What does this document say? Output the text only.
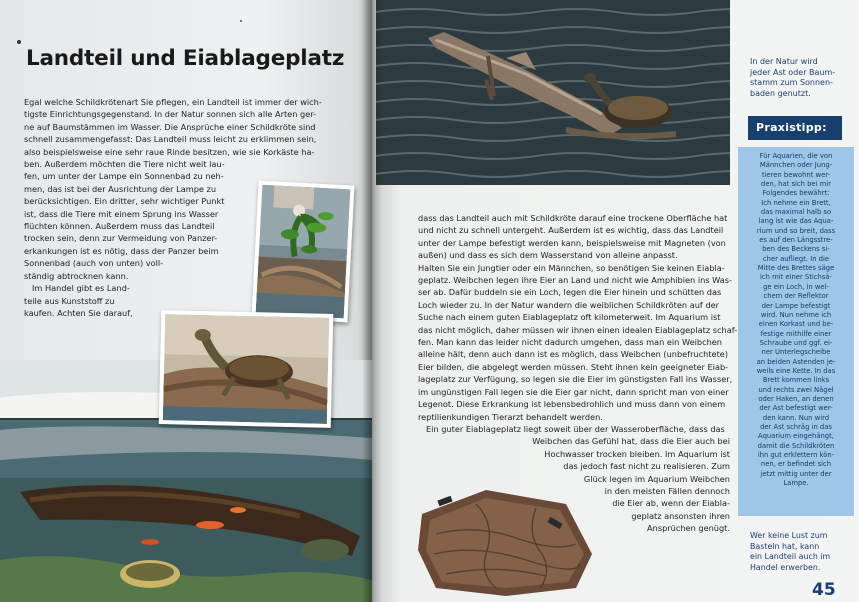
Landteil und Eiablageplatz
Egal welche Schildkrötenart Sie pflegen, ein Landteil ist immer der wich-
tigste Einrichtungsgegenstand. In der Natur sonnen sich alle Arten ger-
ne auf Baumstämmen im Wasser. Die Ansprüche einer Schildkröte sind
schnell zusammengefasst: Das Landteil muss leicht zu erklimmen sein,
also beispielsweise eine sehr raue Rinde besitzen, wie sie Korkäste ha-
ben. Außerdem möchten die Tiere nicht weit lau-
fen, um unter der Lampe ein Sonnenbad zu neh-
men, das ist bei der Ausrichtung der Lampe zu
berücksichtigen. Ein dritter, sehr wichtiger Punkt
ist, dass die Tiere mit einem Sprung ins Wasser
flüchten können. Außerdem muss das Landteil
trocken sein, denn zur Vermeidung von Panzer-
erkankungen ist es nötig, dass der Panzer beim
Sonnenbad (auch von unten) voll-
ständig abtrocknen kann.
Im Handel gibt es Land-
teile aus Kunststoff zu
kaufen. Achten Sie darauf,
dass das Landteil auch mit Schildkröte darauf eine trockene Oberfläche hat
und nicht zu schnell untergeht. Außerdem ist es wichtig, dass das Landteil
unter der Lampe befestigt werden kann, beispielsweise mit Magneten (von
außen) und dass es sich dem Wasserstand von alleine anpasst.
Halten Sie ein Jungtier oder ein Männchen, so benötigen Sie keinen Eiabla-
geplatz. Weibchen legen ihre Eier an Land und nicht wie Amphibien ins Was-
ser ab. Dafür buddeln sie ein Loch, legen die Eier hinein und schütten das
Loch wieder zu. In der Natur wandern die weiblichen Schildkröten auf der
Suche nach einem guten Eiablageplatz oft kilometerweit. Im Aquarium ist
das nicht möglich, daher müssen wir ihnen einen idealen Eiablageplatz schaf-
fen. Man kann das leider nicht dadurch umgehen, dass man ein Weibchen
alleine hält, denn auch dann ist es möglich, dass Weibchen (unbefruchtete)
Eier bilden, die abgelegt werden müssen. Steht ihnen kein geeigneter Eiab-
lageplatz zur Verfügung, so legen sie die Eier im günstigsten Fall ins Wasser,
im ungünstigen Fall legen sie die Eier gar nicht, dann spricht man von einer
Legenot. Diese Erkrankung ist lebensbedrohlich und muss dann von einem
reptilienkundigen Tierarzt behandelt werden.
Ein guter Eiablageplatz liegt soweit über der Wasseroberfläche, dass das
Weibchen das Gefühl hat, dass die Eier auch bei
Hochwasser trocken bleiben. Im Aquarium ist
das jedoch fast nicht zu realisieren. Zum
Glück legen im Aquarium Weibchen
in den meisten Fällen dennoch
die Eier ab, wenn der Eiabla-
geplatz ansonsten ihren
Ansprüchen genügt.
In der Natur wird
jeder Ast oder Baum-
stamm zum Sonnen-
baden genutzt.
Praxistipp:
Für Aquarien, die von
Männchen oder Jung-
tieren bewohnt wer-
den, hat sich bei mir
Folgendes bewährt:
Ich nehme ein Brett,
das maximal halb so
lang ist wie das Aqua-
rium und so breit, dass
es auf den Längsstre-
ben des Beckens si-
cher aufliegt. In die
Mitte des Brettes säge
ich mit einer Stichsä-
ge ein Loch, in wel-
chem der Reflektor
der Lampe befestigt
wird. Nun nehme ich
einen Korkast und be-
festige mithilfe einer
Schraube und ggf. ei-
ner Unterlegscheibe
an beiden Astenden je-
weils eine Kette. In das
Brett kommen links
und rechts zwei Nägel
oder Haken, an denen
der Ast befestigt wer-
den kann. Nun wird
der Ast schräg in das
Aquarium eingehängt,
damit die Schildkröten
ihn gut erklettern kön-
nen, er befindet sich
jetzt mittig unter der
Lampe.
Wer keine Lust zum
Basteln hat, kann
ein Landteil auch im
Handel erwerben.
45
